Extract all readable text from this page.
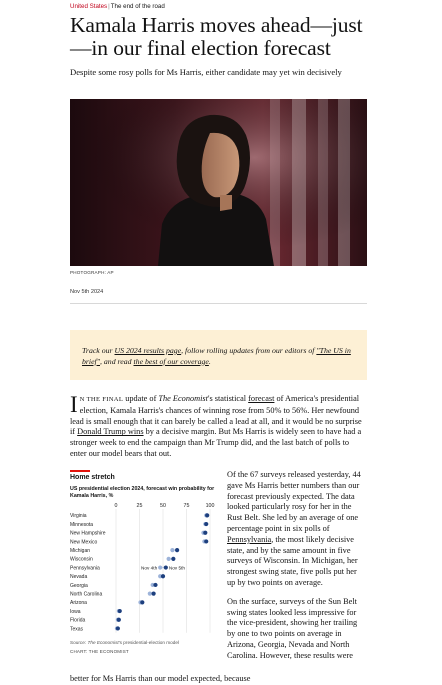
United States|The end of the road
Kamala Harris moves ahead—just—in our final election forecast

Despite some rosy polls for Ms Harris, either candidate may yet win decisively

PHOTOGRAPH: AP
Nov 5th 2024
Track our US 2024 results page, follow rolling updates from our editors of "The US in brief", and read the best of our coverage.
I N THE FINAL update of The Economist's statistical forecast of America's presidential election, Kamala Harris's chances of winning rose from 50% to 56%. Her newfound lead is small enough that it can barely be called a lead at all, and it would be no surprise if Donald Trump wins by a decisive margin. But Ms Harris is widely seen to have had a stronger week to end the campaign than Mr Trump did, and the last batch of polls to enter our model bears that out.
Home stretch
US presidential election 2024, forecast win probability for Kamala Harris, %
0	25	50	75	100
Virginia
Minnesota
New Hampshire
New Mexico
Michigan
Wisconsin
Pennsylvania
Nevada
Georgia
North Carolina
Arizona
Iowa
Florida
Texas
Nov 4th Nov 5th
Source: The Economist's presidential-election model
CHART: THE ECONOMIST

Of the 67 surveys released yesterday, 44 gave Ms Harris better numbers than our forecast previously expected. The data looked particularly rosy for her in the Rust Belt. She led by an average of one percentage point in six polls of Pennsylvania, the most likely decisive state, and by the same amount in five surveys of Wisconsin. In Michigan, her strongest swing state, five polls put her up by two points on average.

On the surface, surveys of the Sun Belt swing states looked less impressive for the vice-president, showing her trailing by one to two points on average in Arizona, Georgia, Nevada and North Carolina. However, these results were

better for Ms Harris than our model expected, because
